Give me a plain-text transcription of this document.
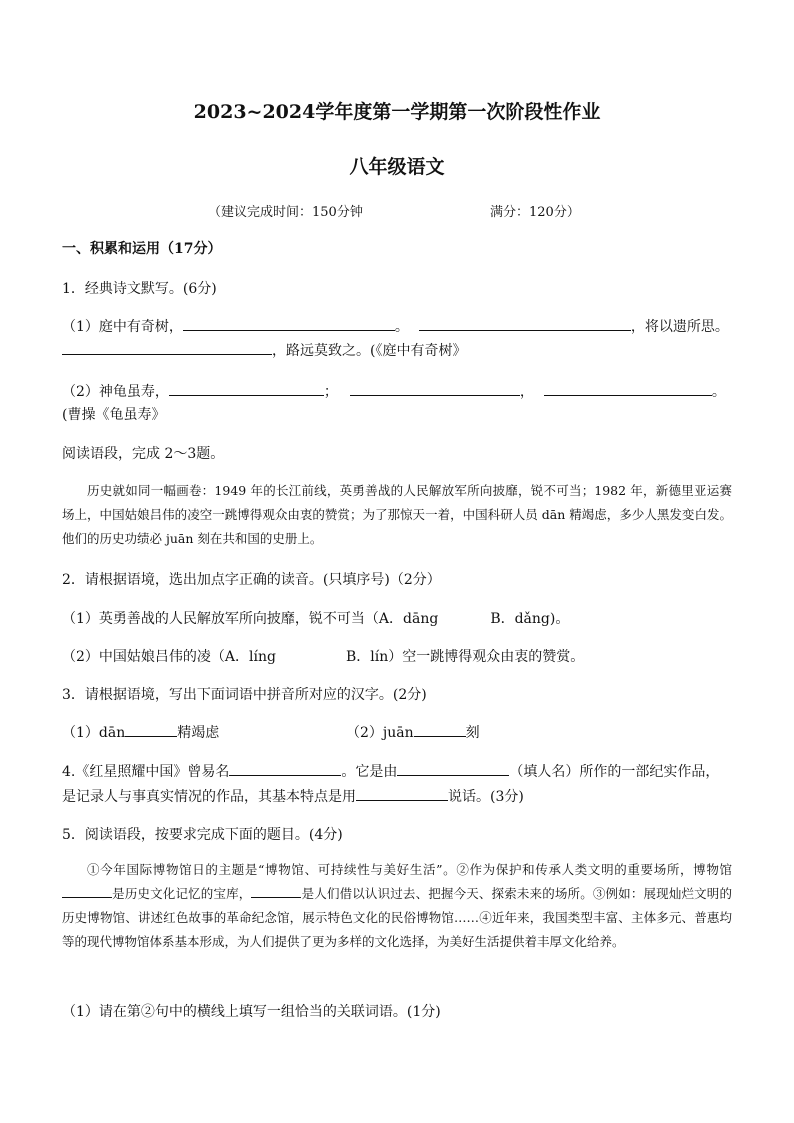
2023~2024学年度第一学期第一次阶段性作业
八年级语文
（建议完成时间：150分钟	满分：120分）
一、积累和运用（17分）
1．经典诗文默写。(6分)
（1）庭中有奇树，	。	，将以遗所思。
，路远莫致之。(《庭中有奇树》
（2）神龟虽寿，	；	，	。
(曹操《龟虽寿》
阅读语段，完成 2～3题。
历史就如同一幅画卷：1949 年的长江前线，英勇善战的人民解放军所向披靡，锐不可当；1982 年，新德里亚运赛场上，中国姑娘吕伟的凌空一跳博得观众由衷的赞赏；为了那惊天一着，中国科研人员 dān 精竭虑，多少人黑发变白发。他们的历史功绩必 juān 刻在共和国的史册上。
2．请根据语境，选出加点字正确的读音。(只填序号)（2分）
（1）英勇善战的人民解放军所向披靡，锐不可当（A．dāng	B．dǎng)。
（2）中国姑娘吕伟的凌（A．líng	B．lín）空一跳博得观众由衷的赞赏。
3．请根据语境，写出下面词语中拼音所对应的汉字。(2分)
（1）dān	精竭虑	（2）juān	刻
4.《红星照耀中国》曾易名	。它是由	（填人名）所作的一部纪实作品，
是记录人与事真实情况的作品，其基本特点是用	说话。(3分)
5．阅读语段，按要求完成下面的题目。(4分)
①今年国际博物馆日的主题是“博物馆、可持续性与美好生活”。②作为保护和传承人类文明的重要场所，博物馆是历史文化记忆的宝库，	是人们借以认识过去、把握今天、探索未来的场所。③例如：展现灿烂文明的历史博物馆、讲述红色故事的革命纪念馆，展示特色文化的民俗博物馆……④近年来，我国类型丰富、主体多元、普惠均等的现代博物馆体系基本形成，为人们提供了更为多样的文化选择，为美好生活提供着丰厚文化给养。
（1）请在第②句中的横线上填写一组恰当的关联词语。(1分)
